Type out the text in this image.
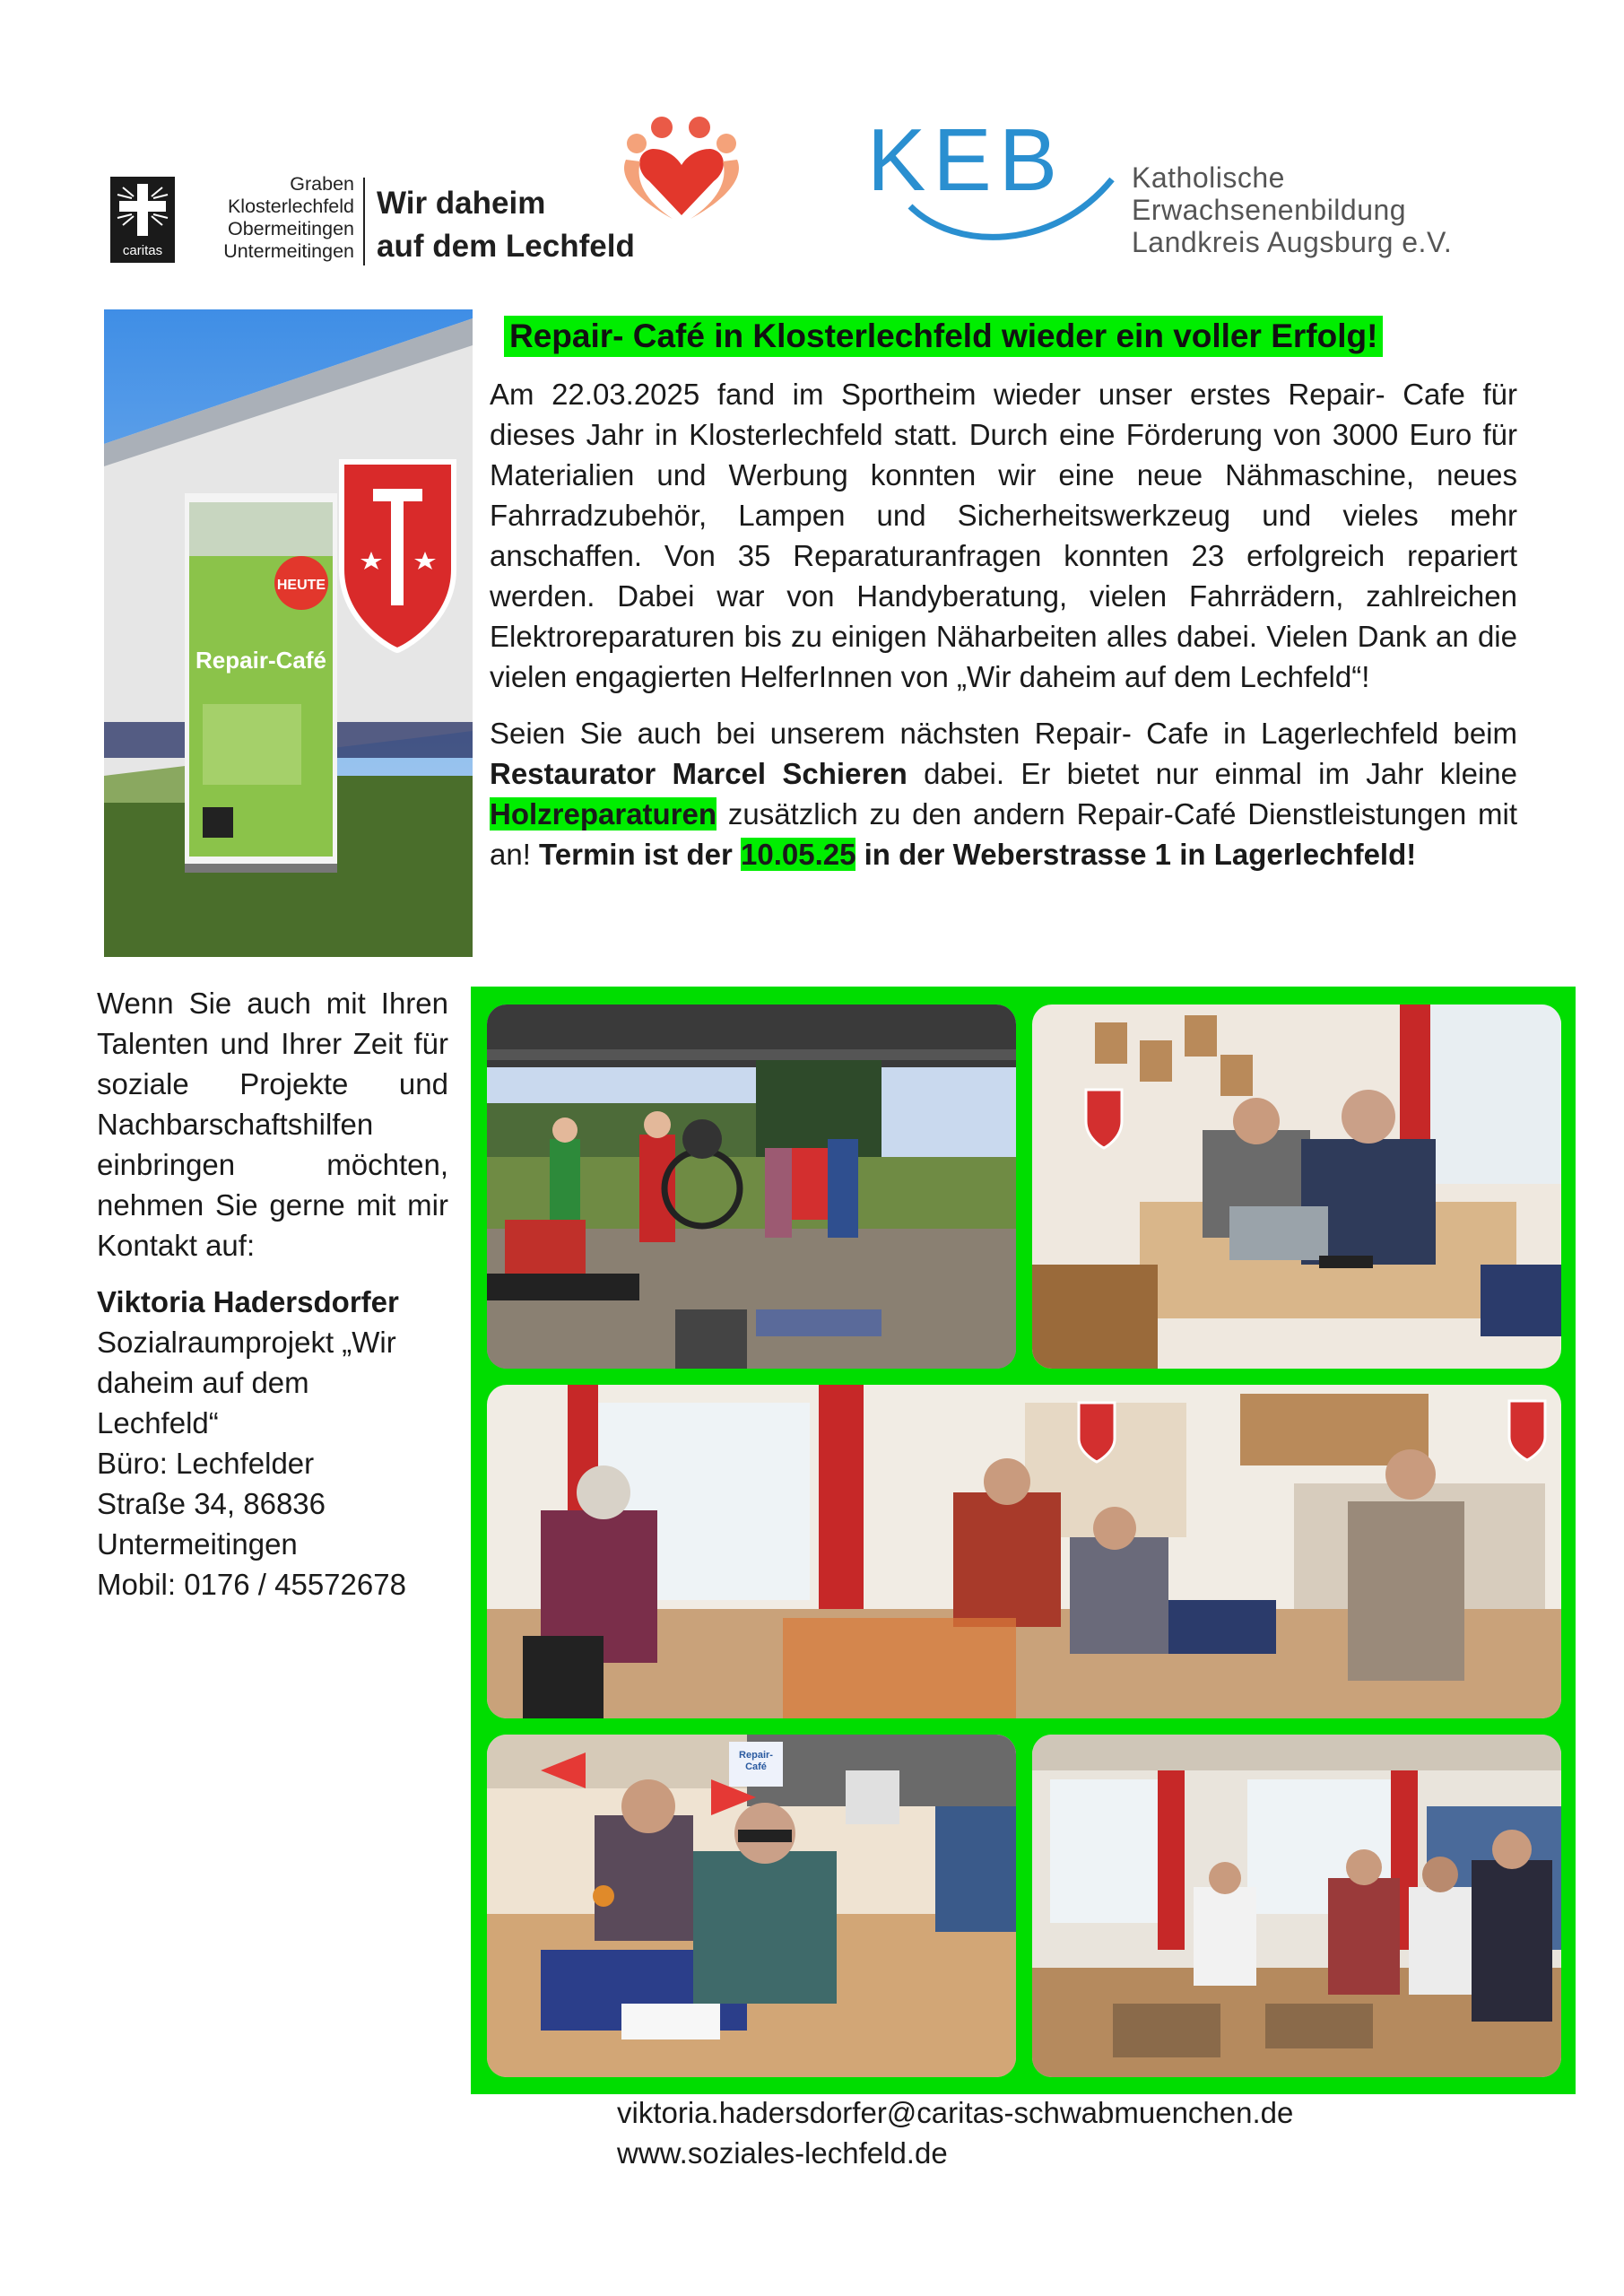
caritas
Graben
Klosterlechfeld
Obermeitingen
Untermeitingen
Wir daheim
auf dem Lechfeld
KEB Katholische
Erwachsenenbildung
Landkreis Augsburg e.V.
HEUTE
Repair-Café
Repair- Café in Klosterlechfeld wieder ein voller Erfolg!

Am 22.03.2025 fand im Sportheim wieder unser erstes Repair- Cafe für dieses Jahr in Klosterlechfeld statt. Durch eine Förderung von 3000 Euro für Materialien und Werbung konnten wir eine neue Nähmaschine, neues Fahrradzubehör, Lampen und Sicherheitswerkzeug und vieles mehr anschaffen. Von 35 Reparaturanfragen konnten 23 erfolgreich repariert werden. Dabei war von Handyberatung, vielen Fahrrädern, zahlreichen Elektroreparaturen bis zu einigen Näharbeiten alles dabei. Vielen Dank an die vielen engagierten HelferInnen von „Wir daheim auf dem Lechfeld“!

Seien Sie auch bei unserem nächsten Repair- Cafe in Lagerlechfeld beim Restaurator Marcel Schieren dabei. Er bietet nur einmal im Jahr kleine Holzreparaturen zusätzlich zu den andern Repair-Café Dienstleistungen mit an! Termin ist der 10.05.25 in der Weberstrasse 1 in Lagerlechfeld!

Wenn Sie auch mit Ihren Talenten und Ihrer Zeit für soziale Projekte und Nachbarschaftshilfen einbringen möchten, nehmen Sie gerne mit mir Kontakt auf:
Viktoria Hadersdorfer
Sozialraumprojekt „Wir
daheim auf dem
Lechfeld“
Büro: Lechfelder
Straße 34, 86836
Untermeitingen
Mobil: 0176 / 45572678
Repair-Café
viktoria.hadersdorfer@caritas-schwabmuenchen.de
www.soziales-lechfeld.de
